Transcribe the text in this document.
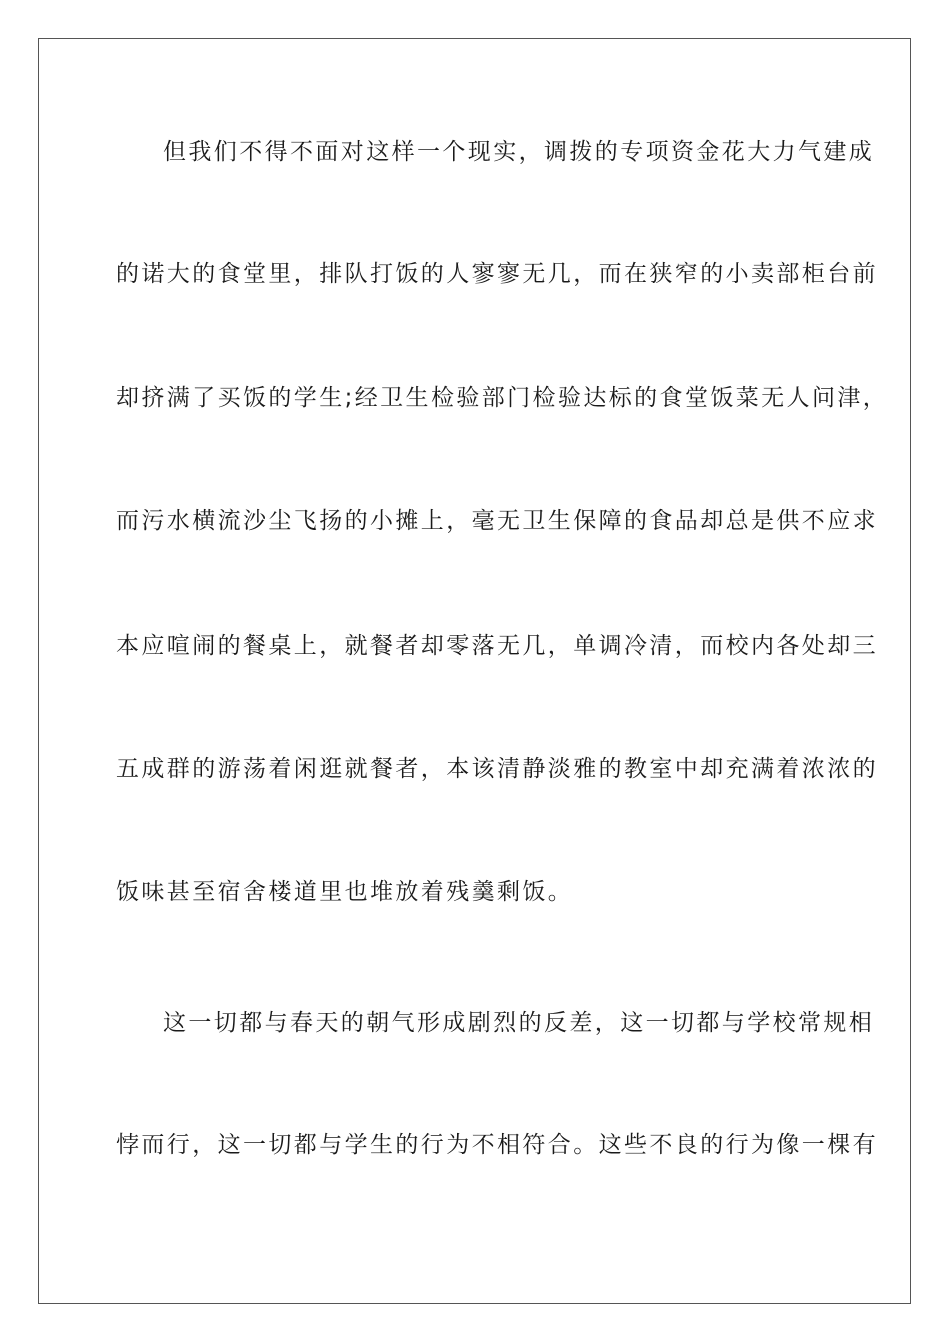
但我们不得不面对这样一个现实，调拨的专项资金花大力气建成
的诺大的食堂里，排队打饭的人寥寥无几，而在狭窄的小卖部柜台前
却挤满了买饭的学生;经卫生检验部门检验达标的食堂饭菜无人问津，
而污水横流沙尘飞扬的小摊上，毫无卫生保障的食品却总是供不应求
本应喧闹的餐桌上，就餐者却零落无几，单调冷清，而校内各处却三
五成群的游荡着闲逛就餐者，本该清静淡雅的教室中却充满着浓浓的
饭味甚至宿舍楼道里也堆放着残羹剩饭。
这一切都与春天的朝气形成剧烈的反差，这一切都与学校常规相
悖而行，这一切都与学生的行为不相符合。这些不良的行为像一棵有
